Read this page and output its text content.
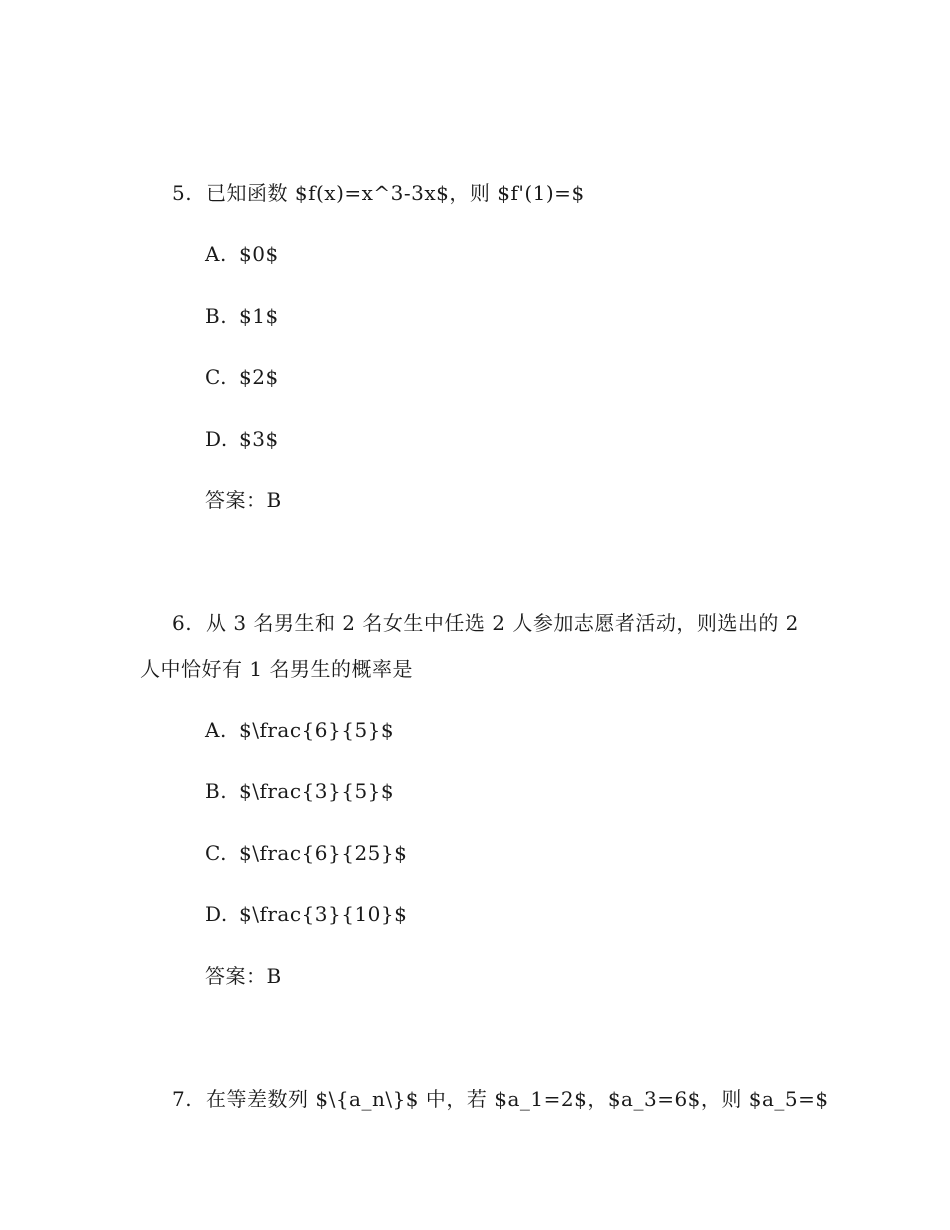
5. 已知函数 $f(x)=x^3-3x$，则 $f'(1)=$
A. $0$
B. $1$
C. $2$
D. $3$
答案：B
6. 从 3 名男生和 2 名女生中任选 2 人参加志愿者活动，则选出的 2
人中恰好有 1 名男生的概率是
A. $\frac{6}{5}$
B. $\frac{3}{5}$
C. $\frac{6}{25}$
D. $\frac{3}{10}$
答案：B
7. 在等差数列 $\{a_n\}$ 中，若 $a_1=2$，$a_3=6$，则 $a_5=$
